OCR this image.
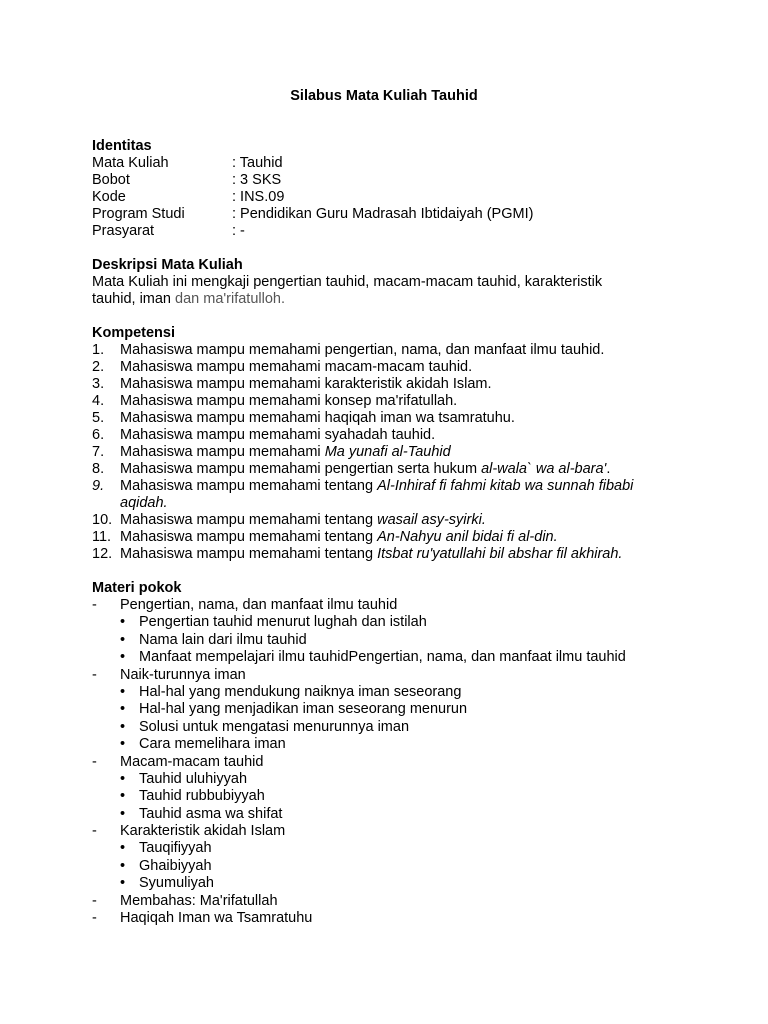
Silabus Mata Kuliah Tauhid
Identitas
Mata Kuliah	: Tauhid
Bobot	: 3 SKS
Kode	: INS.09
Program Studi	: Pendidikan Guru Madrasah Ibtidaiyah (PGMI)
Prasyarat	: -
Deskripsi Mata Kuliah
Mata Kuliah ini mengkaji pengertian tauhid, macam-macam tauhid, karakteristik
tauhid, iman dan ma'rifatulloh.
Kompetensi
1.	Mahasiswa mampu memahami pengertian, nama, dan manfaat ilmu tauhid.
2.	Mahasiswa mampu memahami macam-macam tauhid.
3.	Mahasiswa mampu memahami karakteristik akidah Islam.
4.	Mahasiswa mampu memahami konsep ma'rifatullah.
5.	Mahasiswa mampu memahami haqiqah iman wa tsamratuhu.
6.	Mahasiswa mampu memahami syahadah tauhid.
7.	Mahasiswa mampu memahami Ma yunafi al-Tauhid
8.	Mahasiswa mampu memahami pengertian serta hukum al-wala` wa al-bara'.
9.	Mahasiswa mampu memahami tentang Al-Inhiraf fi fahmi kitab wa sunnah fibabi
aqidah.
10. Mahasiswa mampu memahami tentang wasail asy-syirki.
11. Mahasiswa mampu memahami tentang An-Nahyu anil bidai fi al-din.
12. Mahasiswa mampu memahami tentang Itsbat ru'yatullahi bil abshar fil akhirah.
Materi pokok
-	Pengertian, nama, dan manfaat ilmu tauhid
• Pengertian tauhid menurut lughah dan istilah
• Nama lain dari ilmu tauhid
• Manfaat mempelajari ilmu tauhidPengertian, nama, dan manfaat ilmu tauhid
-	Naik-turunnya iman
• Hal-hal yang mendukung naiknya iman seseorang
• Hal-hal yang menjadikan iman seseorang menurun
• Solusi untuk mengatasi menurunnya iman
• Cara memelihara iman
-	Macam-macam tauhid
• Tauhid uluhiyyah
• Tauhid rubbubiyyah
• Tauhid asma wa shifat
-	Karakteristik akidah Islam
• Tauqifiyyah
• Ghaibiyyah
• Syumuliyah
-	Membahas: Ma'rifatullah
-	Haqiqah Iman wa Tsamratuhu
